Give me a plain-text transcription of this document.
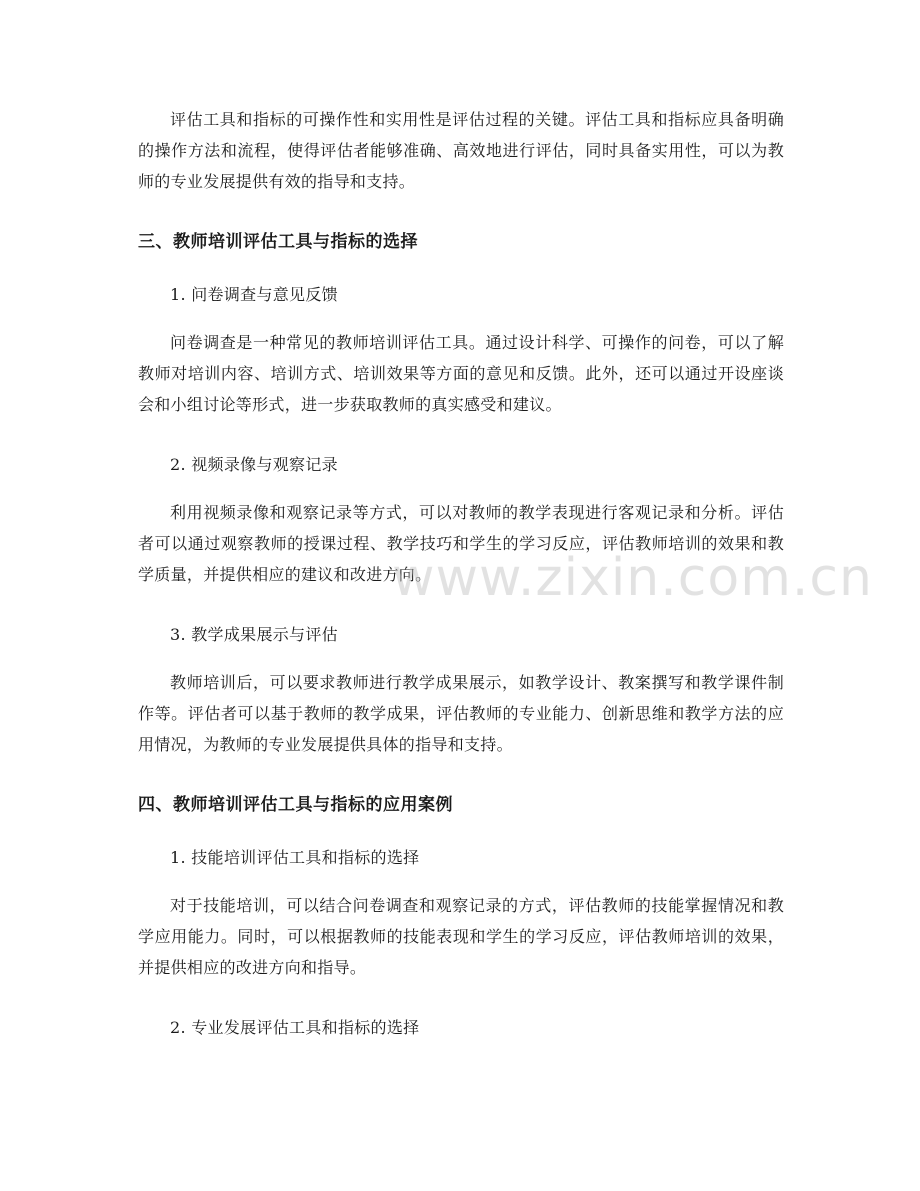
评估工具和指标的可操作性和实用性是评估过程的关键。评估工具和指标应具备明确的操作方法和流程，使得评估者能够准确、高效地进行评估，同时具备实用性，可以为教师的专业发展提供有效的指导和支持。

三、教师培训评估工具与指标的选择

1. 问卷调查与意见反馈

问卷调查是一种常见的教师培训评估工具。通过设计科学、可操作的问卷，可以了解教师对培训内容、培训方式、培训效果等方面的意见和反馈。此外，还可以通过开设座谈会和小组讨论等形式，进一步获取教师的真实感受和建议。

2. 视频录像与观察记录

利用视频录像和观察记录等方式，可以对教师的教学表现进行客观记录和分析。评估者可以通过观察教师的授课过程、教学技巧和学生的学习反应，评估教师培训的效果和教学质量，并提供相应的建议和改进方向。

3. 教学成果展示与评估

教师培训后，可以要求教师进行教学成果展示，如教学设计、教案撰写和教学课件制作等。评估者可以基于教师的教学成果，评估教师的专业能力、创新思维和教学方法的应用情况，为教师的专业发展提供具体的指导和支持。

四、教师培训评估工具与指标的应用案例

1. 技能培训评估工具和指标的选择

对于技能培训，可以结合问卷调查和观察记录的方式，评估教师的技能掌握情况和教学应用能力。同时，可以根据教师的技能表现和学生的学习反应，评估教师培训的效果，并提供相应的改进方向和指导。

2. 专业发展评估工具和指标的选择

www.zixin.com.cn
